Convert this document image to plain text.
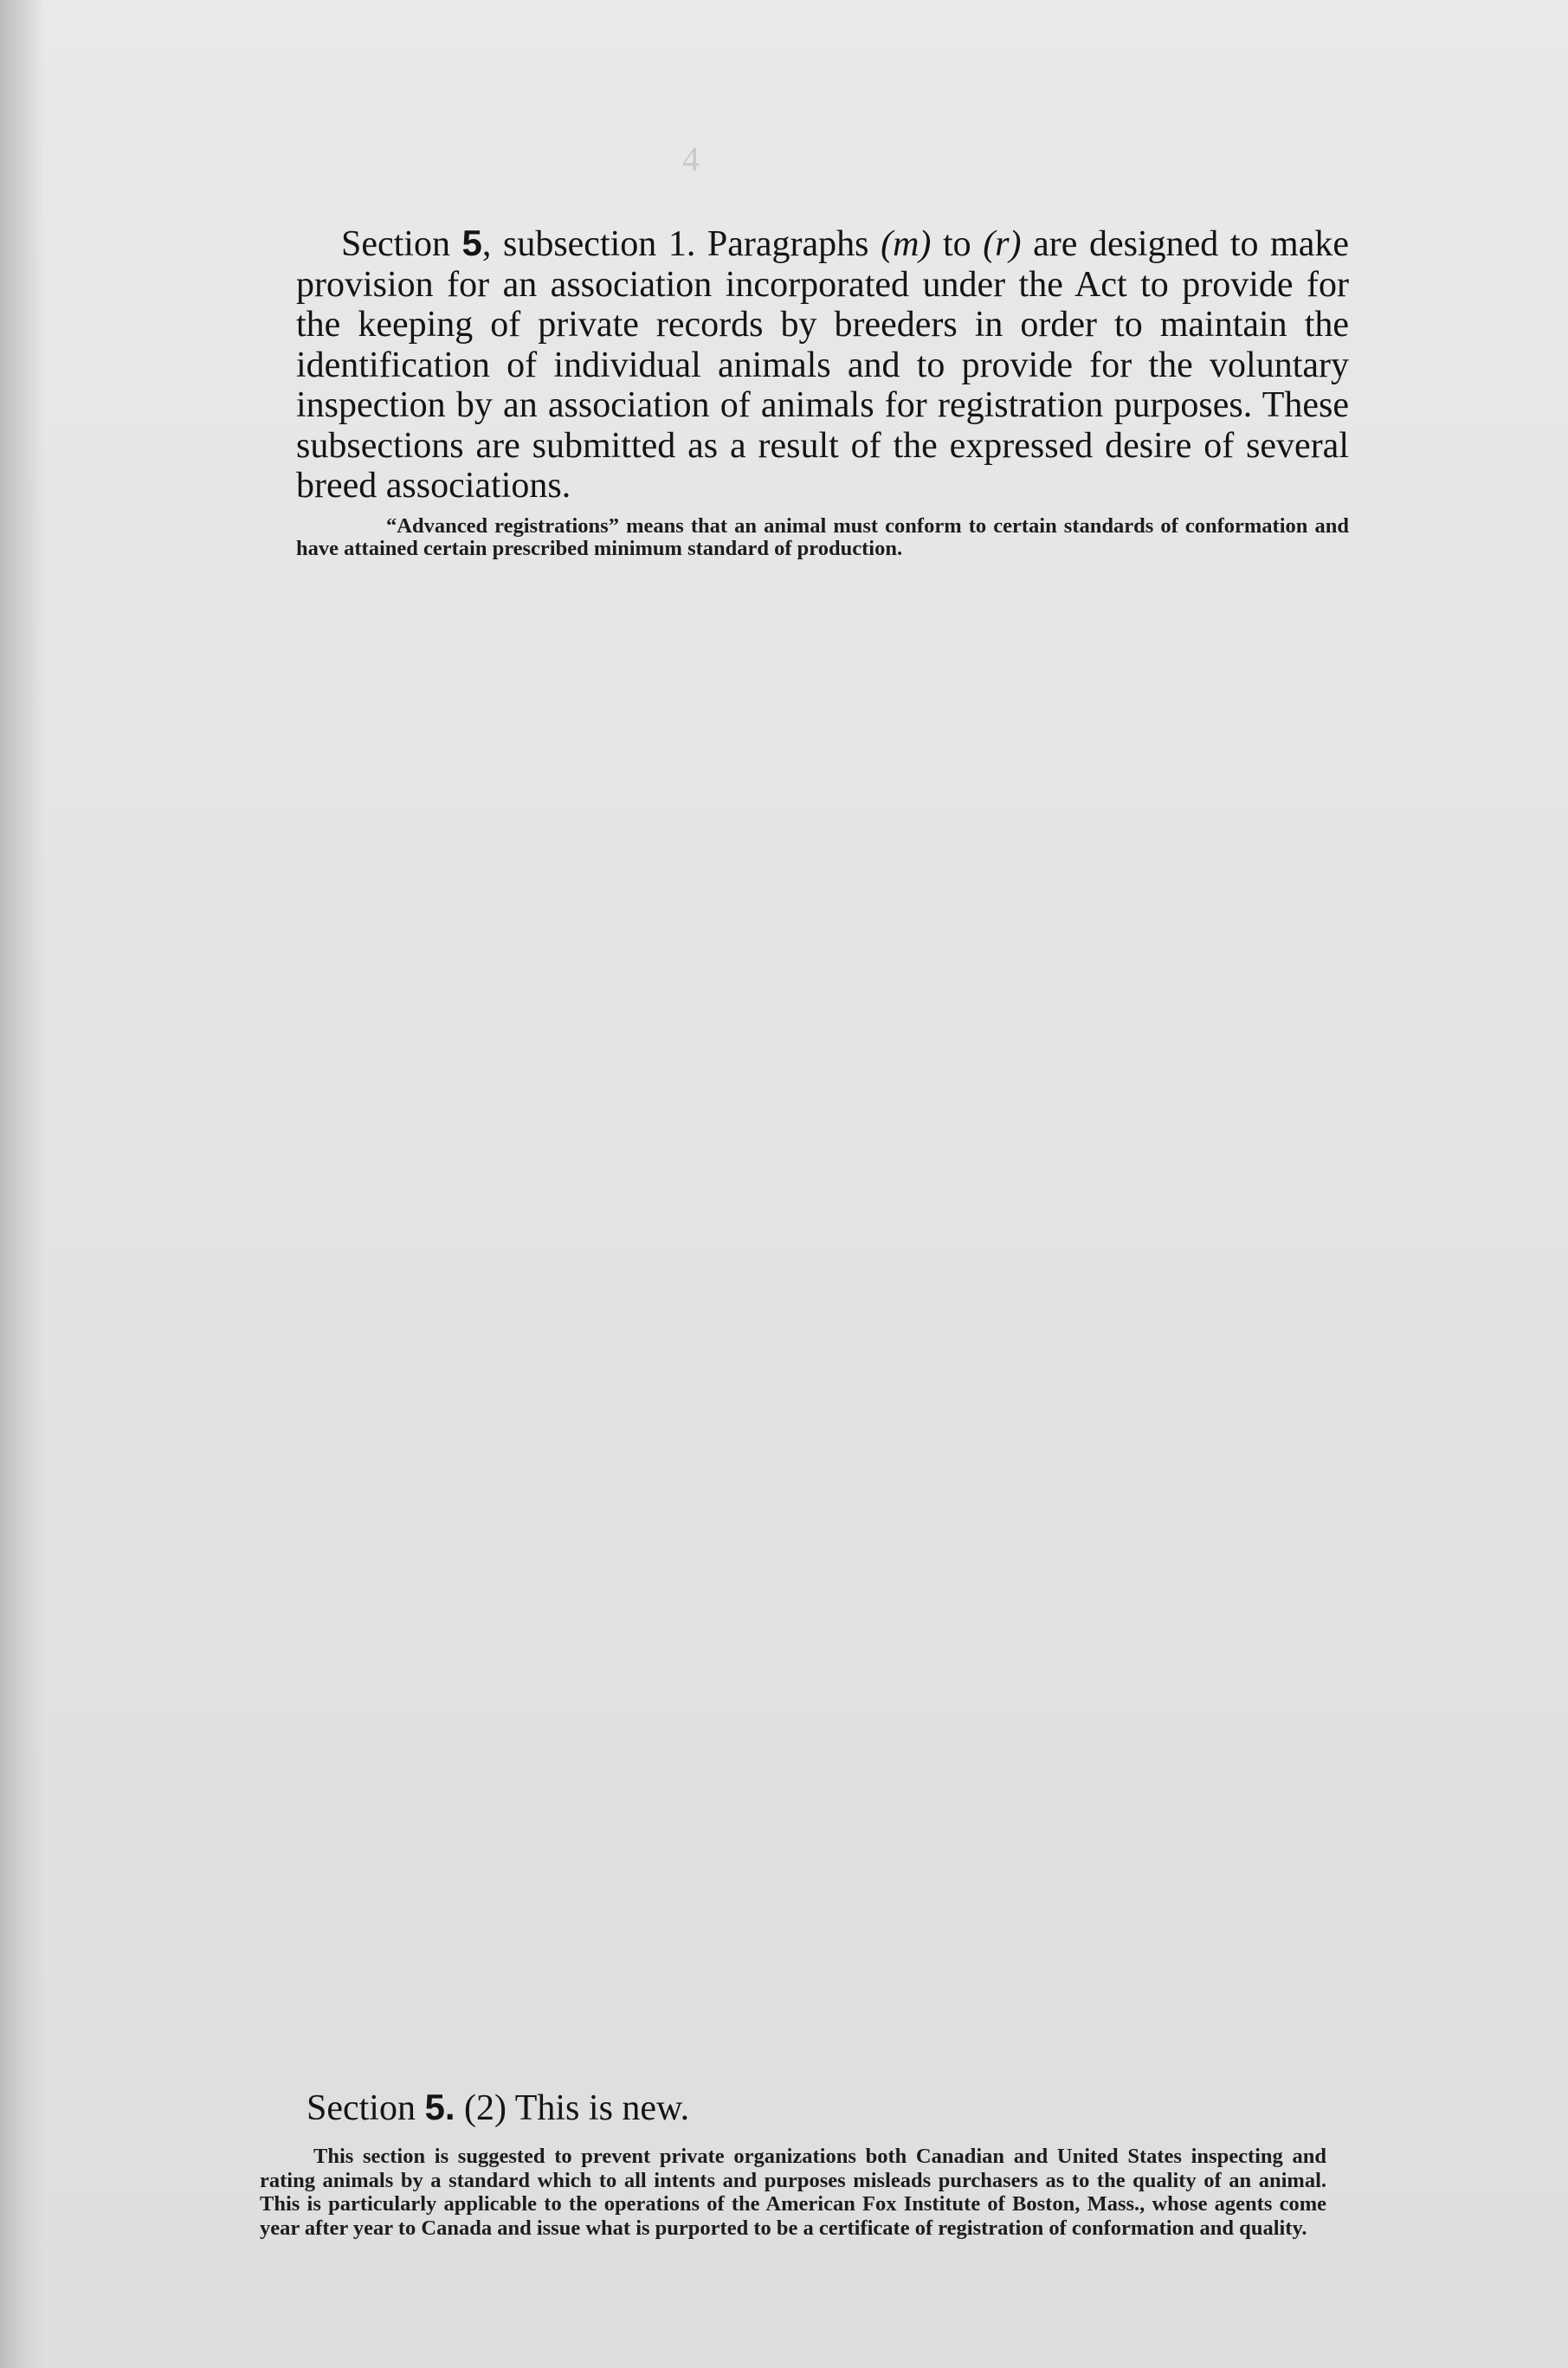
4

Section 5, subsection 1. Paragraphs (m) to (r) are designed to make provision for an association incorporated under the Act to provide for the keeping of private records by breeders in order to maintain the identification of individual animals and to provide for the voluntary inspection by an association of animals for registration purposes. These subsections are submitted as a result of the expressed desire of several breed associations.

“Advanced registrations” means that an animal must conform to certain standards of conformation and have attained certain prescribed minimum standard of production.

Section 5. (2) This is new.

This section is suggested to prevent private organizations both Canadian and United States inspecting and rating animals by a standard which to all intents and purposes misleads purchasers as to the quality of an animal. This is particularly applicable to the operations of the American Fox Institute of Boston, Mass., whose agents come year after year to Canada and issue what is purported to be a certificate of registration of conformation and quality.
